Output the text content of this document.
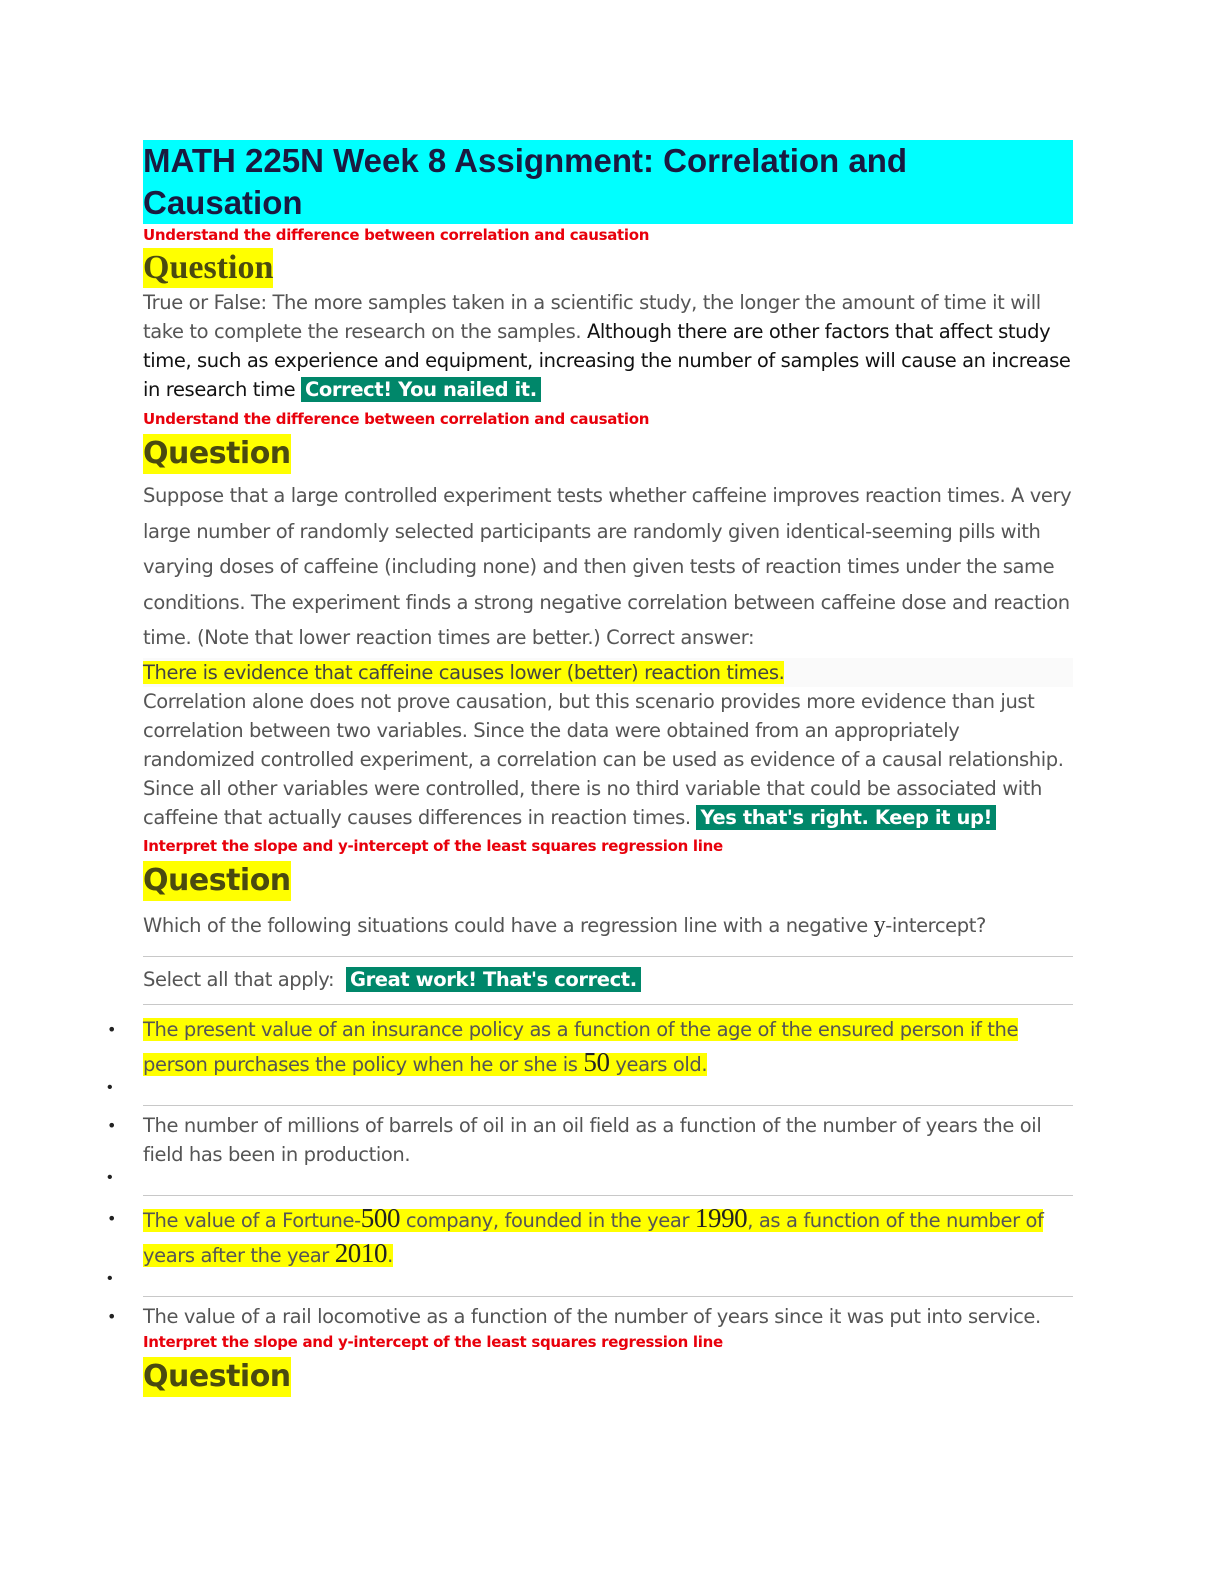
MATH 225N Week 8 Assignment: Correlation and Causation

Understand the difference between correlation and causation

Question

True or False: The more samples taken in a scientific study, the longer the amount of time it will take to complete the research on the samples. Although there are other factors that affect study time, such as experience and equipment, increasing the number of samples will cause an increase in research time Correct! You nailed it.

Understand the difference between correlation and causation

Question

Suppose that a large controlled experiment tests whether caffeine improves reaction times. A very large number of randomly selected participants are randomly given identical-seeming pills with varying doses of caffeine (including none) and then given tests of reaction times under the same conditions. The experiment finds a strong negative correlation between caffeine dose and reaction time. (Note that lower reaction times are better.) Correct answer:

There is evidence that caffeine causes lower (better) reaction times.

Correlation alone does not prove causation, but this scenario provides more evidence than just correlation between two variables. Since the data were obtained from an appropriately randomized controlled experiment, a correlation can be used as evidence of a causal relationship. Since all other variables were controlled, there is no third variable that could be associated with caffeine that actually causes differences in reaction times. Yes that's right. Keep it up!

Interpret the slope and y-intercept of the least squares regression line

Question

Which of the following situations could have a regression line with a negative y-intercept?

Select all that apply: Great work! That's correct.

• The present value of an insurance policy as a function of the age of the ensured person if the person purchases the policy when he or she is 50 years old.
•
• The number of millions of barrels of oil in an oil field as a function of the number of years the oil field has been in production.
•
• The value of a Fortune-500 company, founded in the year 1990, as a function of the number of years after the year 2010.
•
• The value of a rail locomotive as a function of the number of years since it was put into service.

Interpret the slope and y-intercept of the least squares regression line

Question
